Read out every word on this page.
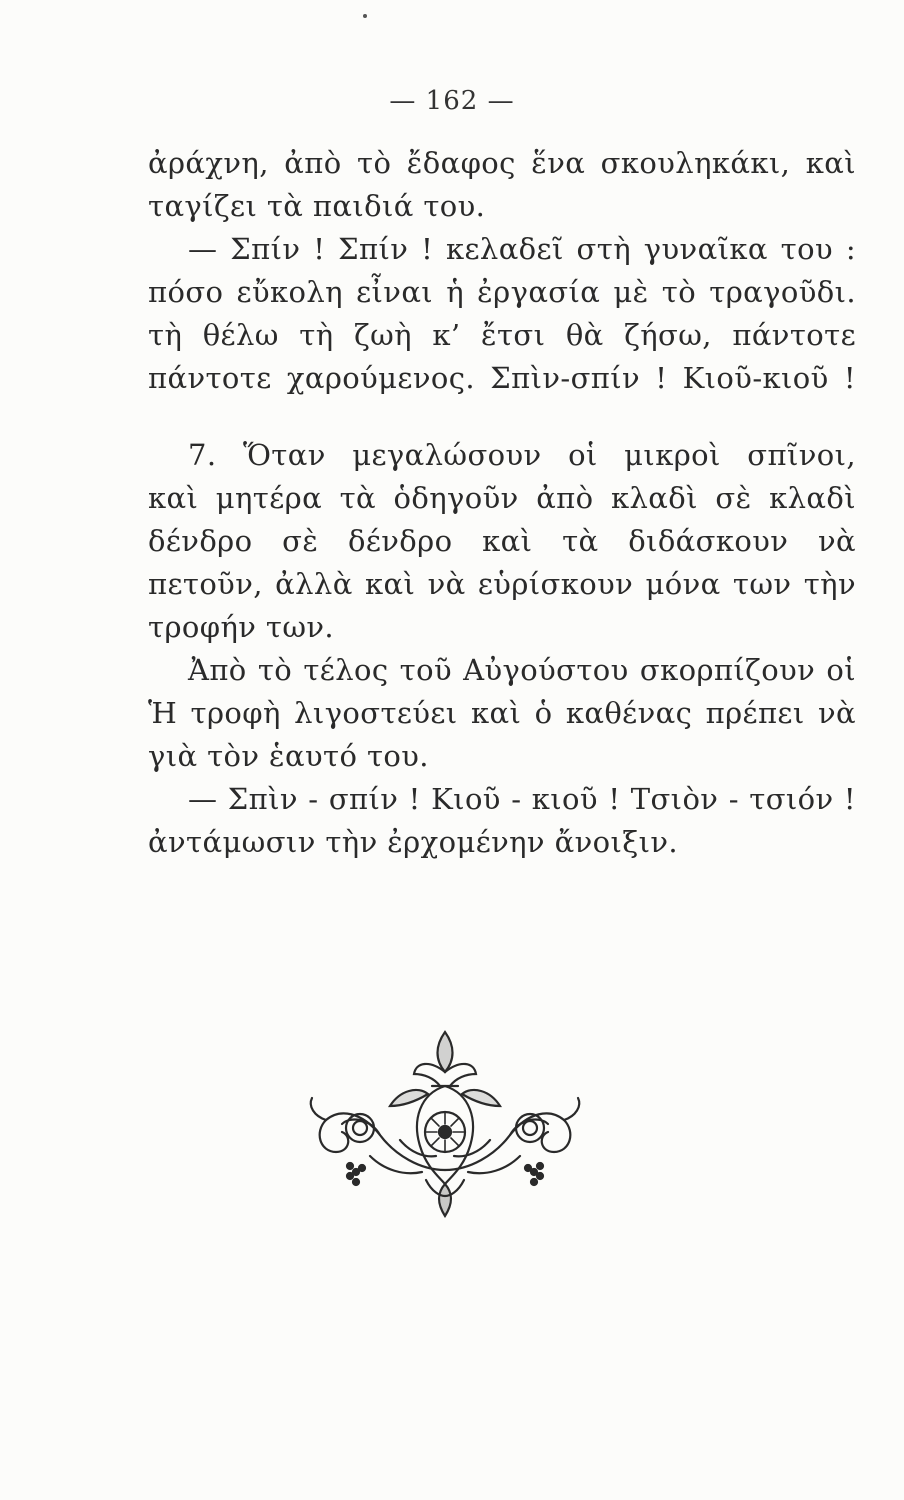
— 162 —
ἀράχνη, ἀπὸ τὸ ἔδαφος ἕνα σκουληκάκι, καὶ
ταγίζει τὰ παιδιά του.
— Σπίν ! Σπίν ! κελαδεῖ στὴ γυναῖκα του :
πόσο εὔκολη εἶναι ἡ ἐργασία μὲ τὸ τραγοῦδι.
τὴ θέλω τὴ ζωὴ κ’ ἔτσι θὰ ζήσω, πάντοτε
πάντοτε χαρούμενος. Σπὶν-σπίν ! Κιοῦ-κιοῦ !
7. Ὅταν μεγαλώσουν οἱ μικροὶ σπῖνοι,
καὶ μητέρα τὰ ὁδηγοῦν ἀπὸ κλαδὶ σὲ κλαδὶ
δένδρο σὲ δένδρο καὶ τὰ διδάσκουν νὰ
πετοῦν, ἀλλὰ καὶ νὰ εὑρίσκουν μόνα των τὴν
τροφήν των.
Ἀπὸ τὸ τέλος τοῦ Αὐγούστου σκορπίζουν οἱ
Ἡ τροφὴ λιγοστεύει καὶ ὁ καθένας πρέπει νὰ
γιὰ τὸν ἑαυτό του.
— Σπὶν - σπίν ! Κιοῦ - κιοῦ ! Τσιὸν - τσιόν !
ἀντάμωσιν τὴν ἐρχομένην ἄνοιξιν.
